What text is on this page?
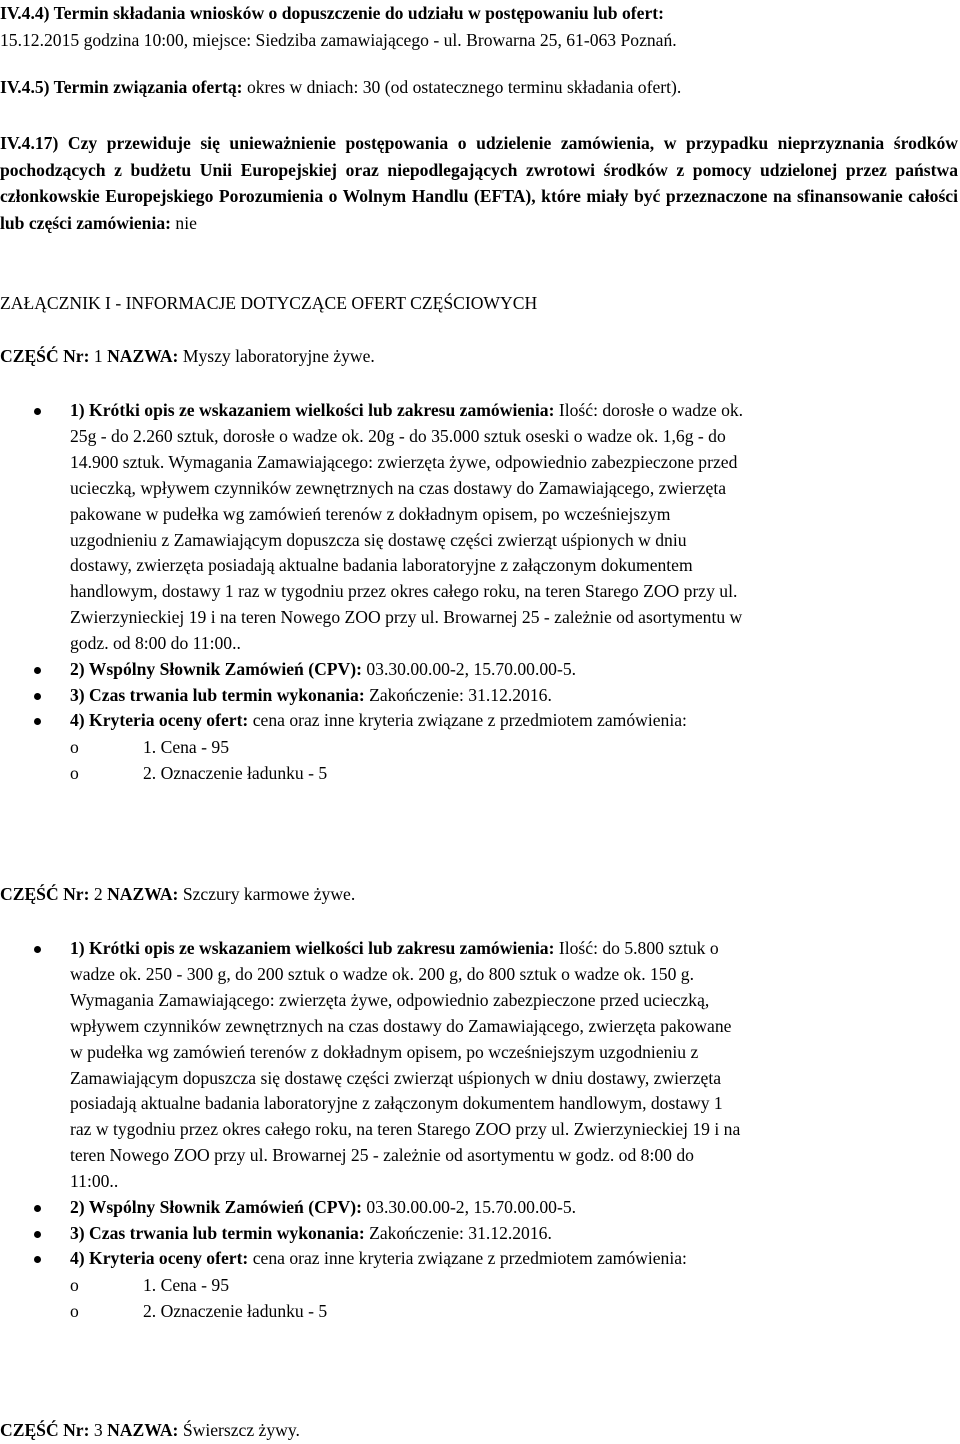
IV.4.4) Termin składania wniosków o dopuszczenie do udziału w postępowaniu lub ofert:
15.12.2015 godzina 10:00, miejsce: Siedziba zamawiającego - ul. Browarna 25, 61-063 Poznań.

IV.4.5) Termin związania ofertą: okres w dniach: 30 (od ostatecznego terminu składania ofert).

IV.4.17) Czy przewiduje się unieważnienie postępowania o udzielenie zamówienia, w przypadku nieprzyznania środków pochodzących z budżetu Unii Europejskiej oraz niepodlegających zwrotowi środków z pomocy udzielonej przez państwa członkowskie Europejskiego Porozumienia o Wolnym Handlu (EFTA), które miały być przeznaczone na sfinansowanie całości lub części zamówienia: nie

ZAŁĄCZNIK I - INFORMACJE DOTYCZĄCE OFERT CZĘŚCIOWYCH

CZĘŚĆ Nr: 1 NAZWA: Myszy laboratoryjne żywe.

1) Krótki opis ze wskazaniem wielkości lub zakresu zamówienia: Ilość: dorosłe o wadze ok.
25g - do 2.260 sztuk, dorosłe o wadze ok. 20g - do 35.000 sztuk oseski o wadze ok. 1,6g - do
14.900 sztuk. Wymagania Zamawiającego: zwierzęta żywe, odpowiednio zabezpieczone przed
ucieczką, wpływem czynników zewnętrznych na czas dostawy do Zamawiającego, zwierzęta
pakowane w pudełka wg zamówień terenów z dokładnym opisem, po wcześniejszym
uzgodnieniu z Zamawiającym dopuszcza się dostawę części zwierząt uśpionych w dniu
dostawy, zwierzęta posiadają aktualne badania laboratoryjne z załączonym dokumentem
handlowym, dostawy 1 raz w tygodniu przez okres całego roku, na teren Starego ZOO przy ul.
Zwierzynieckiej 19 i na teren Nowego ZOO przy ul. Browarnej 25 - zależnie od asortymentu w
godz. od 8:00 do 11:00..
2) Wspólny Słownik Zamówień (CPV): 03.30.00.00-2, 15.70.00.00-5.
3) Czas trwania lub termin wykonania: Zakończenie: 31.12.2016.
4) Kryteria oceny ofert: cena oraz inne kryteria związane z przedmiotem zamówienia:
o	1. Cena - 95
o	2. Oznaczenie ładunku - 5

CZĘŚĆ Nr: 2 NAZWA: Szczury karmowe żywe.

1) Krótki opis ze wskazaniem wielkości lub zakresu zamówienia: Ilość: do 5.800 sztuk o
wadze ok. 250 - 300 g, do 200 sztuk o wadze ok. 200 g, do 800 sztuk o wadze ok. 150 g.
Wymagania Zamawiającego: zwierzęta żywe, odpowiednio zabezpieczone przed ucieczką,
wpływem czynników zewnętrznych na czas dostawy do Zamawiającego, zwierzęta pakowane
w pudełka wg zamówień terenów z dokładnym opisem, po wcześniejszym uzgodnieniu z
Zamawiającym dopuszcza się dostawę części zwierząt uśpionych w dniu dostawy, zwierzęta
posiadają aktualne badania laboratoryjne z załączonym dokumentem handlowym, dostawy 1
raz w tygodniu przez okres całego roku, na teren Starego ZOO przy ul. Zwierzynieckiej 19 i na
teren Nowego ZOO przy ul. Browarnej 25 - zależnie od asortymentu w godz. od 8:00 do
11:00..
2) Wspólny Słownik Zamówień (CPV): 03.30.00.00-2, 15.70.00.00-5.
3) Czas trwania lub termin wykonania: Zakończenie: 31.12.2016.
4) Kryteria oceny ofert: cena oraz inne kryteria związane z przedmiotem zamówienia:
o	1. Cena - 95
o	2. Oznaczenie ładunku - 5

CZĘŚĆ Nr: 3 NAZWA: Świerszcz żywy.
